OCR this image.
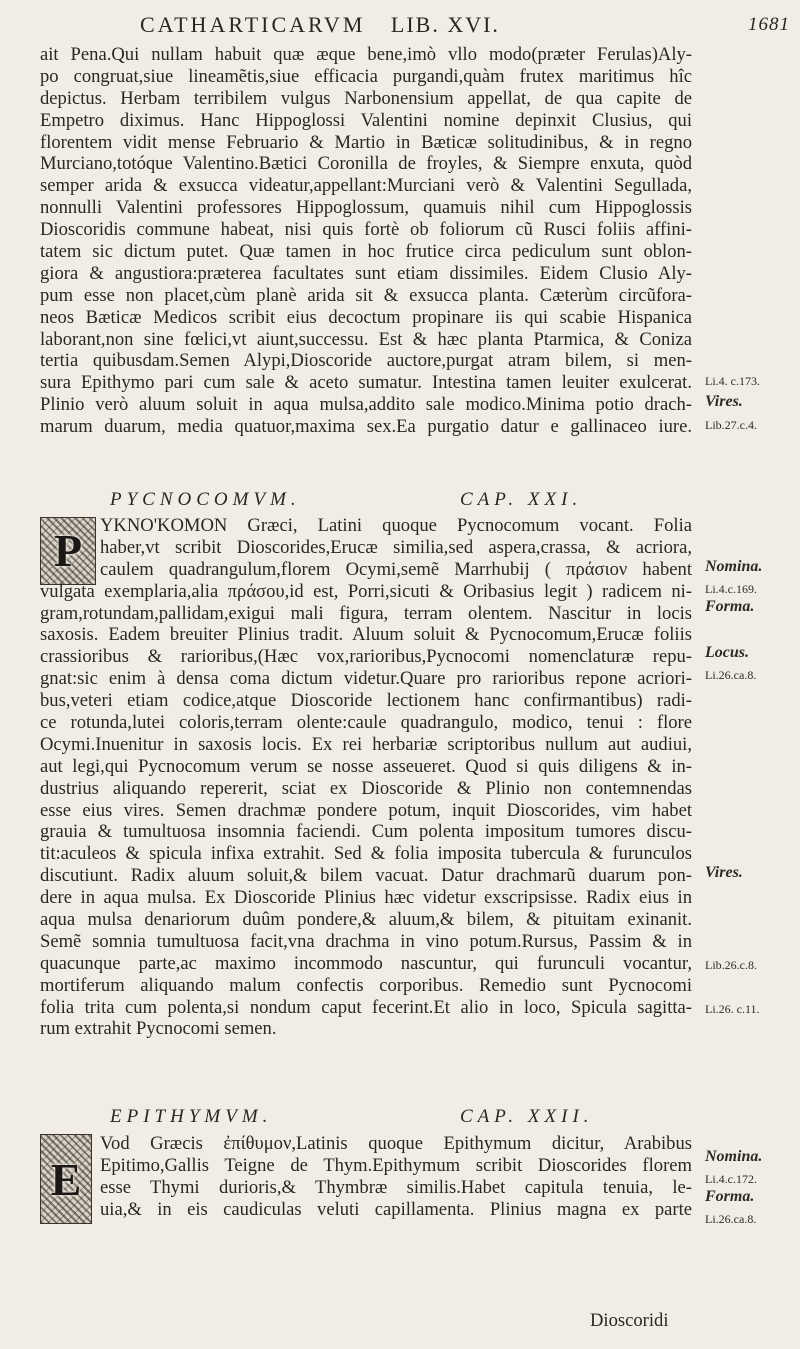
CATHARTICARVM LIB. XVI.	1681
ait Pena.Qui nullam habuit quæ æque bene,imò vllo modo(præter Ferulas)Aly-
po congruat,siue lineamẽtis,siue efficacia purgandi,quàm frutex maritimus hîc
depictus. Herbam terribilem vulgus Narbonensium appellat, de qua capite de
Empetro diximus. Hanc Hippoglossi Valentini nomine depinxit Clusius, qui
florentem vidit mense Februario & Martio in Bæticæ solitudinibus, & in regno
Murciano,totóque Valentino.Bætici Coronilla de froyles, & Siempre enxuta, quòd
semper arida & exsucca videatur,appellant:Murciani verò & Valentini Segullada,
nonnulli Valentini professores Hippoglossum, quamuis nihil cum Hippoglossis
Dioscoridis commune habeat, nisi quis fortè ob foliorum cũ Rusci foliis affini-
tatem sic dictum putet. Quæ tamen in hoc frutice circa pediculum sunt oblon-
giora & angustiora:præterea facultates sunt etiam dissimiles. Eidem Clusio Aly-
pum esse non placet,cùm planè arida sit & exsucca planta. Cæterùm circũfora-
neos Bæticæ Medicos scribit eius decoctum propinare iis qui scabie Hispanica
laborant,non sine fœlici,vt aiunt,successu. Est & hæc planta Ptarmica, & Coniza
tertia quibusdam.Semen Alypi,Dioscoride auctore,purgat atram bilem, si men-
sura Epithymo pari cum sale & aceto sumatur. Intestina tamen leuiter exulcerat.
Plinio verò aluum soluit in aqua mulsa,addito sale modico.Minima potio drach-
marum duarum, media quatuor,maxima sex.Ea purgatio datur e gallinaceo iure.
PYCNOCOMVM.	CAP. XXI.
P YKNO'KOMON Græci, Latini quoque Pycnocomum vocant. Folia
haber,vt scribit Dioscorides,Erucæ similia,sed aspera,crassa, & acriora,
caulem quadrangulum,florem Ocymi,semẽ Marrhubij ( πράσιον habent
vulgata exemplaria,alia πράσου,id est, Porri,sicuti & Oribasius legit ) radicem ni-
gram,rotundam,pallidam,exigui mali figura, terram olentem. Nascitur in locis
saxosis. Eadem breuiter Plinius tradit. Aluum soluit & Pycnocomum,Erucæ foliis
crassioribus & rarioribus,(Hæc vox,rarioribus,Pycnocomi nomenclaturæ repu-
gnat:sic enim à densa coma dictum videtur.Quare pro rarioribus repone acriori-
bus,veteri etiam codice,atque Dioscoride lectionem hanc confirmantibus) radi-
ce rotunda,lutei coloris,terram olente:caule quadrangulo, modico, tenui : flore
Ocymi.Inuenitur in saxosis locis. Ex rei herbariæ scriptoribus nullum aut audiui,
aut legi,qui Pycnocomum verum se nosse asseueret. Quod si quis diligens & in-
dustrius aliquando repererit, sciat ex Dioscoride & Plinio non contemnendas
esse eius vires. Semen drachmæ pondere potum, inquit Dioscorides, vim habet
grauia & tumultuosa insomnia faciendi. Cum polenta impositum tumores discu-
tit:aculeos & spicula infixa extrahit. Sed & folia imposita tubercula & furunculos
discutiunt. Radix aluum soluit,& bilem vacuat. Datur drachmarũ duarum pon-
dere in aqua mulsa. Ex Dioscoride Plinius hæc videtur exscripsisse. Radix eius in
aqua mulsa denariorum duûm pondere,& aluum,& bilem, & pituitam exinanit.
Semẽ somnia tumultuosa facit,vna drachma in vino potum.Rursus, Passim & in
quacunque parte,ac maximo incommodo nascuntur, qui furunculi vocantur,
mortiferum aliquando malum confectis corporibus. Remedio sunt Pycnocomi
folia trita cum polenta,si nondum caput fecerint.Et alio in loco, Spicula sagitta-
rum extrahit Pycnocomi semen.
EPITHYMVM.	CAP. XXII.
E
Vod Græcis ἐπίθυμον,Latinis quoque Epithymum dicitur, Arabibus
Epitimo,Gallis Teigne de Thym.Epithymum scribit Dioscorides florem
esse Thymi durioris,& Thymbræ similis.Habet capitula tenuia, le-
uia,& in eis caudiculas veluti capillamenta. Plinius magna ex parte
Dioscoridi
Li.4. c.173.
Vires.
Lib.27.c.4.
Nomina.
Li.4.c.169.
Forma.
Locus.
Li.26.ca.8.
Vires.
Lib.26.c.8.
Li.26. c.11.
Nomina.
Li.4.c.172.
Forma.
Li.26.ca.8.
